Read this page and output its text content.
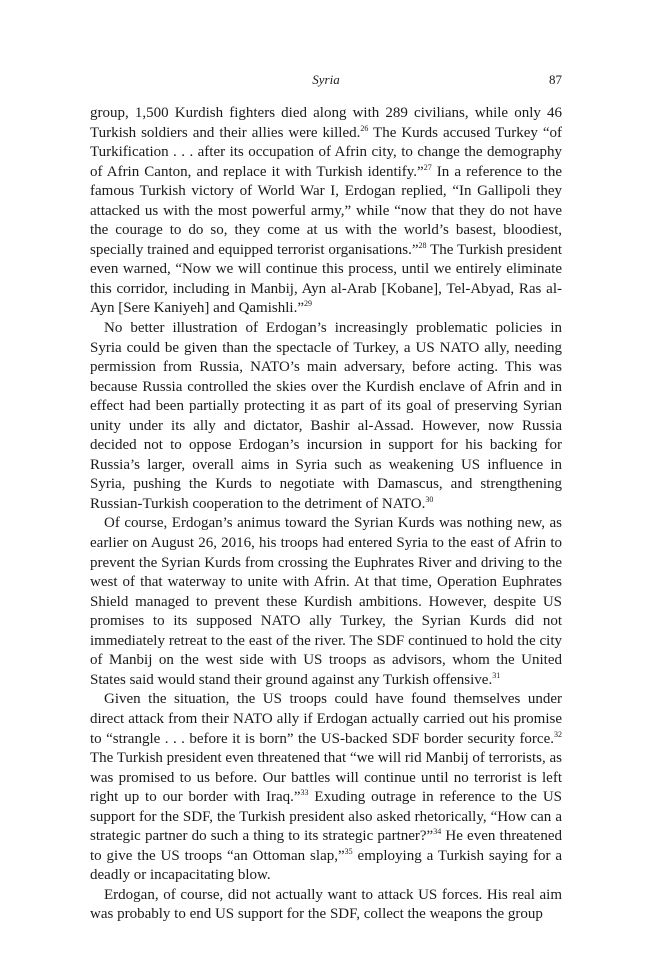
Syria	87

group, 1,500 Kurdish fighters died along with 289 civilians, while only 46 Turkish soldiers and their allies were killed.$^{26}$ The Kurds accused Turkey “of Turkification . . . after its occupation of Afrin city, to change the demography of Afrin Canton, and replace it with Turkish identify.”$^{27}$ In a reference to the famous Turkish victory of World War I, Erdogan replied, “In Gallipoli they attacked us with the most powerful army,” while “now that they do not have the courage to do so, they come at us with the world’s basest, bloodiest, specially trained and equipped terrorist organisations.”$^{28}$ The Turkish president even warned, “Now we will continue this process, until we entirely eliminate this corridor, including in Manbij, Ayn al-Arab [Kobane], Tel-Abyad, Ras al-Ayn [Sere Kaniyeh] and Qamishli.”$^{29}$

No better illustration of Erdogan’s increasingly problematic policies in Syria could be given than the spectacle of Turkey, a US NATO ally, needing permission from Russia, NATO’s main adversary, before acting. This was because Russia controlled the skies over the Kurdish enclave of Afrin and in effect had been partially protecting it as part of its goal of preserving Syrian unity under its ally and dictator, Bashir al-Assad. However, now Russia decided not to oppose Erdogan’s incursion in support for his backing for Russia’s larger, overall aims in Syria such as weakening US influence in Syria, pushing the Kurds to negotiate with Damascus, and strengthening Russian-Turkish cooperation to the detriment of NATO.$^{30}$

Of course, Erdogan’s animus toward the Syrian Kurds was nothing new, as earlier on August 26, 2016, his troops had entered Syria to the east of Afrin to prevent the Syrian Kurds from crossing the Euphrates River and driving to the west of that waterway to unite with Afrin. At that time, Operation Euphrates Shield managed to prevent these Kurdish ambitions. However, despite US promises to its supposed NATO ally Turkey, the Syrian Kurds did not immediately retreat to the east of the river. The SDF continued to hold the city of Manbij on the west side with US troops as advisors, whom the United States said would stand their ground against any Turkish offensive.$^{31}$

Given the situation, the US troops could have found themselves under direct attack from their NATO ally if Erdogan actually carried out his promise to “strangle . . . before it is born” the US-backed SDF border security force.$^{32}$ The Turkish president even threatened that “we will rid Manbij of terrorists, as was promised to us before. Our battles will continue until no terrorist is left right up to our border with Iraq.”$^{33}$ Exuding outrage in reference to the US support for the SDF, the Turkish president also asked rhetorically, “How can a strategic partner do such a thing to its strategic partner?”$^{34}$ He even threatened to give the US troops “an Ottoman slap,”$^{35}$ employing a Turkish saying for a deadly or incapacitating blow.

Erdogan, of course, did not actually want to attack US forces. His real aim was probably to end US support for the SDF, collect the weapons the group
